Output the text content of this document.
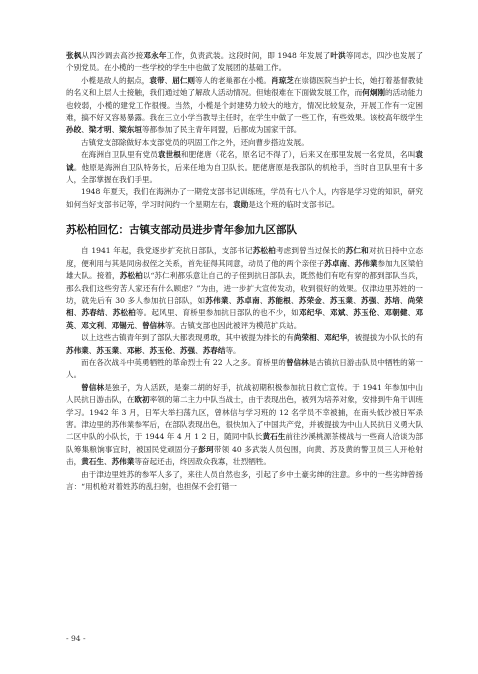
张枫从四沙调去高沙接邓永年工作，负责武装。这段时间，即 1948 年发展了叶洪等同志，四沙也发展了个别党员。在小榄的一些学校的学生中也做了发展团的基础工作。

小榄是敌人的据点，袁带、屈仁则等人的老巢都在小榄。肖琼芝在崇德医院当护士长，她打着基督教徒的名义和上层人士接触，我们通过她了解敌人活动情况。但她很难在下面做发展工作，而何炯刚的活动能力也较弱，小榄的建党工作很慢。当然，小榄是个封建势力较大的地方，情况比较复杂，开展工作有一定困难，搞不好又容易暴露。我在三立小学当教导主任时，在学生中做了一些工作，有些效果。该校高年级学生孙皎、梁才明、梁东垣等都参加了民主青年同盟，后都成为国家干部。

古镇党支部除做好本支部党员的巩固工作之外，还向曹步搭边发展。

在海洲自卫队里有党员袁世根和肥佬唐（花名，原名记不得了），后来又在那里发展一名党员，名叫袁诚。他原是海洲自卫队特务长，后来任地为自卫队长。肥佬唐原是我部队的机枪手，当时自卫队里有十多人，全部掌握在我们手里。

1948 年夏天，我们在海洲办了一期党支部书记训练班，学员有七八个人，内容是学习党的知识，研究如何当好支部书记等，学习时间约一个星期左右，袁勋是这个班的临时支部书记。

苏松柏回忆：古镇支部动员进步青年参加九区部队

自 1941 年起，我党逐步扩充抗日部队，支部书记苏松柏考虑到曾当过保长的苏仁和对抗日持中立态度，便利用与其是同房叔侄之关系，首先征得其同意，动员了他的两个亲侄子苏卓南、苏伟業参加九区梁伯雄大队。接着，苏松柏以“苏仁利都乐意让自己的子侄到抗日部队去，既然他们有吃有穿的都到部队当兵，那么我们这些穷苦人家还有什么顾虑？”为由，进一步扩大宣传发动，收到很好的效果。仅津边里苏姓的一坊，就先后有 30 多人参加抗日部队，如苏伟業、苏卓南、苏能根、苏荣金、苏玉業、苏强、苏培、尚荣相、苏春结、苏松柏等。起风里、育桥里参加抗日部队的也不少，如邓纪华、邓斌、苏玉伦、邓朝健、邓英、邓文利、邓锡元、曾信林等。古镇支部也因此被评为模范扩兵站。

以上这些古镇青年到了部队大都表现勇敢，其中被提为排长的有尚荣相、邓纪华，被提拔为小队长的有苏伟業、苏玉業、邓彬、苏玉伦、苏强、苏春结等。

而在各次战斗中英勇牺牲的革命烈士有 22 人之多。育桥里的曾信林是古镇抗日游击队员中牺牲的第一人。

曾信林是独子，为人活跃，是秦二胡的好手，抗战初期积极参加抗日救亡宣传。于 1941 年参加中山人民抗日游击队，在欧初率领的第二主力中队当战士，由于表现出色，被列为培养对象，安排到牛角干训班学习。1942 年 3 月，日军大举扫荡九区，曾林信与学习班的 12 名学员不幸被捕，在南头低沙被日军杀害。津边里的苏伟業参军后，在部队表现出色，很快加入了中国共产党，并被提拔为中山人民抗日义勇大队二区中队的小队长，于 1944 年 4 月 1 2 日，随同中队长黄石生前往沙溪桃源茶楼战与一些商人洽谈为部队筹集粮饷事宜时，被国民党顽固分子彭珂带领 40 多武装人员包围，向黄、苏及黄的警卫员三人开枪射击，黄石生、苏伟業等奋起还击，终因敌众我寡，壮烈牺牲。

由于津边里姓苏的参军人多了，来往人员自然也多，引起了乡中土豪劣绅的注意。乡中的一些劣绅曾扬言：“用机枪对着姓苏的乱扫射，也担保不会打错一

- 94 -
